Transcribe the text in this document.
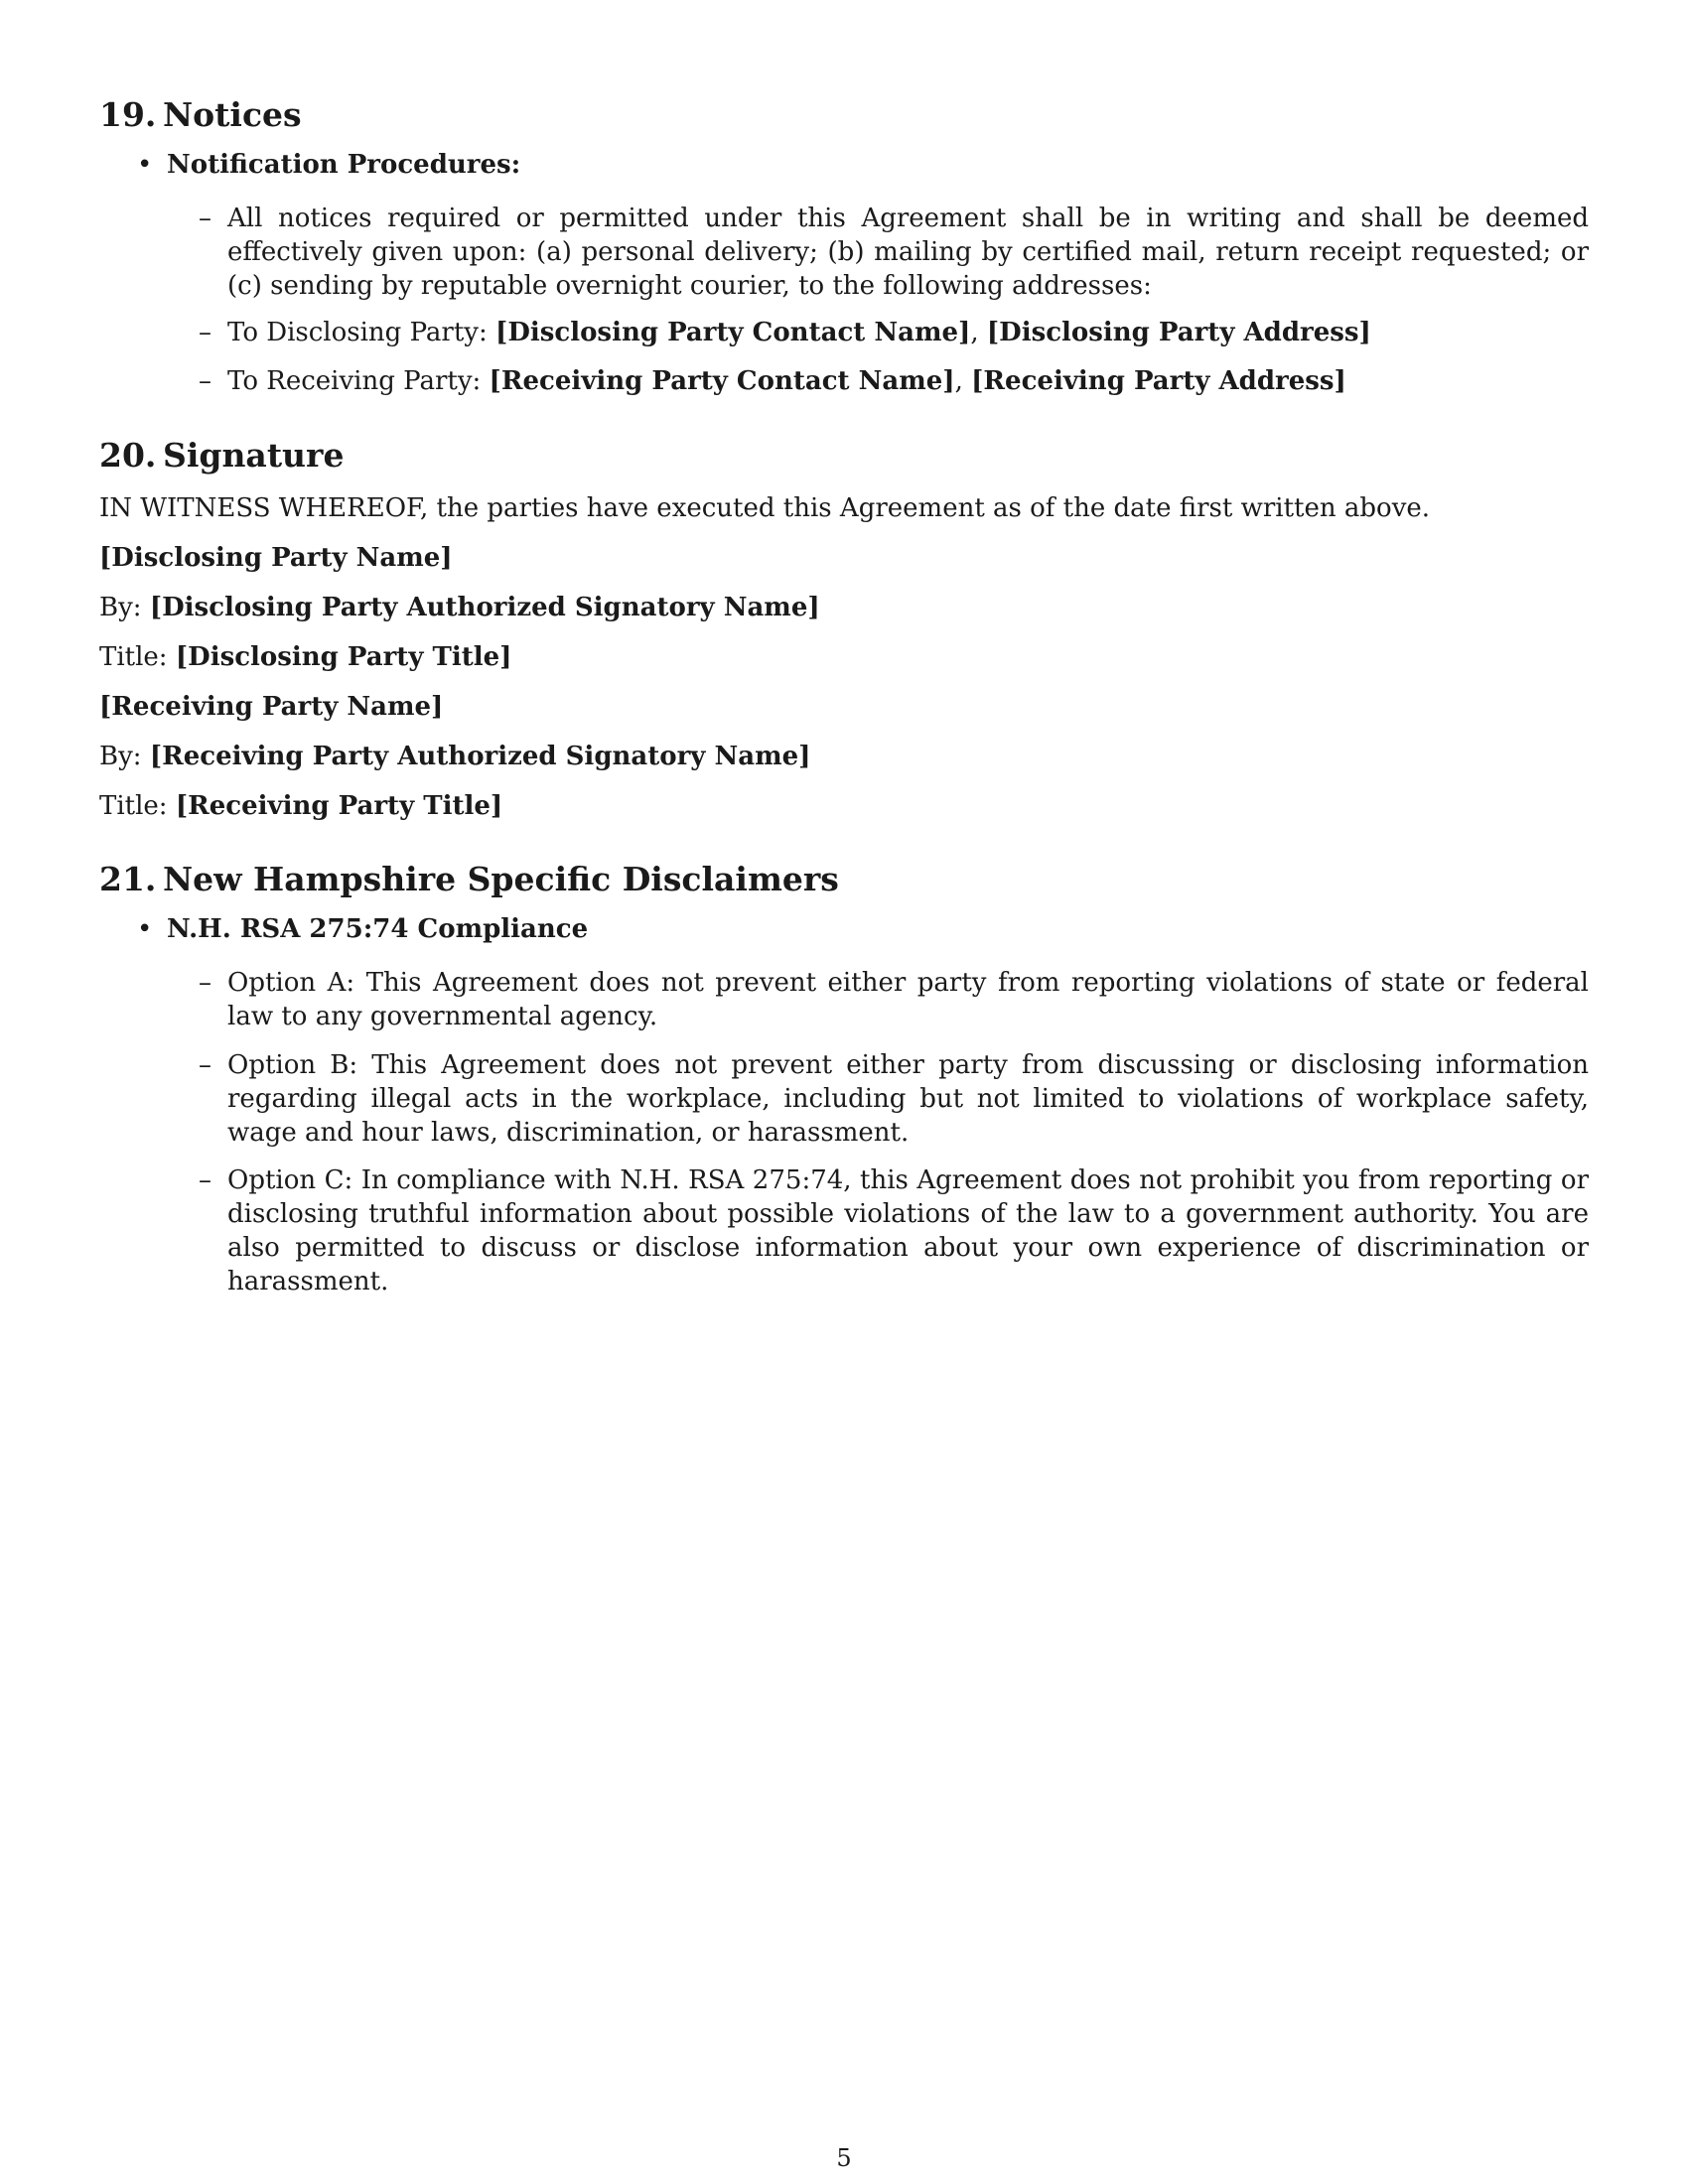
19. Notices
• Notification Procedures:
– All notices required or permitted under this Agreement shall be in writing and shall be deemed effectively given upon: (a) personal delivery; (b) mailing by certified mail, return receipt requested; or (c) sending by reputable overnight courier, to the following addresses:
– To Disclosing Party: [Disclosing Party Contact Name], [Disclosing Party Address]
– To Receiving Party: [Receiving Party Contact Name], [Receiving Party Address]
20. Signature
IN WITNESS WHEREOF, the parties have executed this Agreement as of the date first written above.
[Disclosing Party Name]
By: [Disclosing Party Authorized Signatory Name]
Title: [Disclosing Party Title]
[Receiving Party Name]
By: [Receiving Party Authorized Signatory Name]
Title: [Receiving Party Title]
21. New Hampshire Specific Disclaimers
• N.H. RSA 275:74 Compliance
– Option A: This Agreement does not prevent either party from reporting violations of state or federal law to any governmental agency.
– Option B: This Agreement does not prevent either party from discussing or disclosing information regarding illegal acts in the workplace, including but not limited to violations of workplace safety, wage and hour laws, discrimination, or harassment.
– Option C: In compliance with N.H. RSA 275:74, this Agreement does not prohibit you from reporting or disclosing truthful information about possible violations of the law to a government authority. You are also permitted to discuss or disclose information about your own experience of discrimination or harassment.
5
